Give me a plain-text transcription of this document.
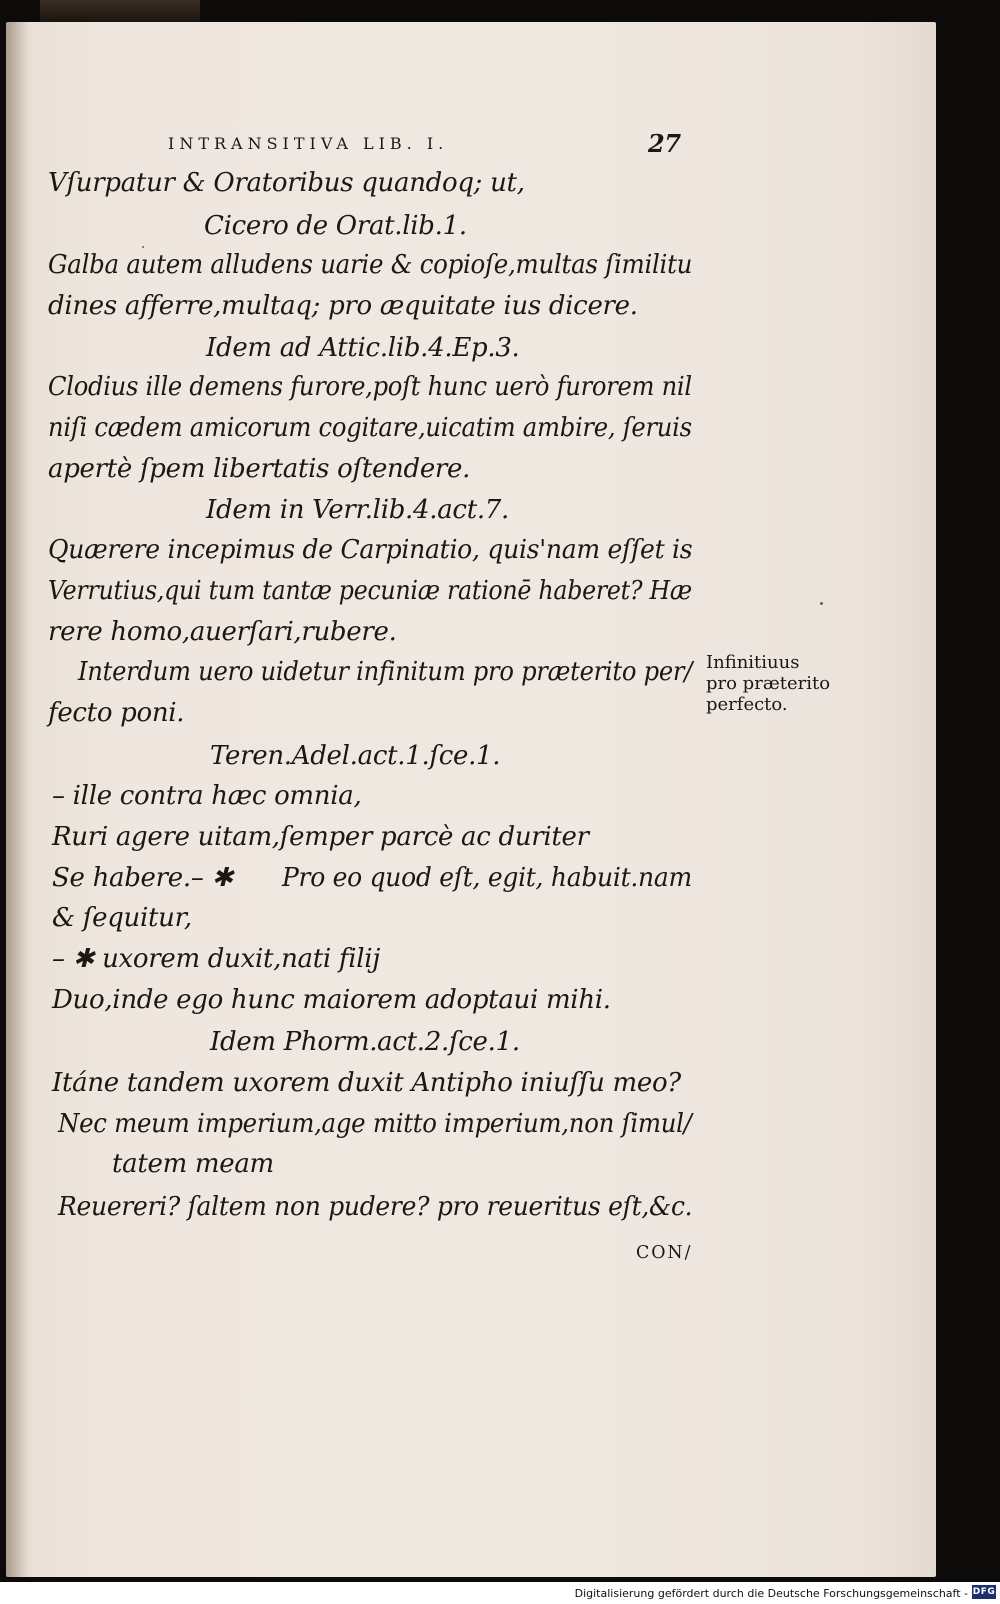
INTRANSITIVA LIB. I.	27
Vſurpatur & Oratoribus quandoq; ut,
Cicero de Orat.lib.1.
Galba autem alludens uarie & copioſe,multas ſimilitu
dines afferre,multaq; pro æquitate ius dicere.
Idem ad Attic.lib.4.Ep.3.
Clodius ille demens furore,poſt hunc uerò furorem nil
niſi cædem amicorum cogitare,uicatim ambire, ſeruis
apertè ſpem libertatis oſtendere.
Idem in Verr.lib.4.act.7.
Quærere incepimus de Carpinatio, quis'nam eſſet is
Verrutius,qui tum tantæ pecuniæ rationē haberet? Hæ
rere homo,auerſari,rubere.
Interdum uero uidetur infinitum pro præterito per/
fecto poni.
Teren.Adel.act.1.ſce.1.
– ille contra hæc omnia,
Ruri agere uitam,ſemper parcè ac duriter
Se habere.– ✱ Pro eo quod eſt, egit, habuit.nam
& ſequitur,
– ✱ uxorem duxit,nati filij
Duo,inde ego hunc maiorem adoptaui mihi.
Idem Phorm.act.2.ſce.1.
Itáne tandem uxorem duxit Antipho iniuſſu meo?
Nec meum imperium,age mitto imperium,non ſimul/
tatem meam
Reuereri? ſaltem non pudere? pro reueritus eſt,&c.
CON/
Infinitiuus
pro præterito
perfecto.
Digitalisierung gefördert durch die Deutsche Forschungsgemeinschaft - DFG
